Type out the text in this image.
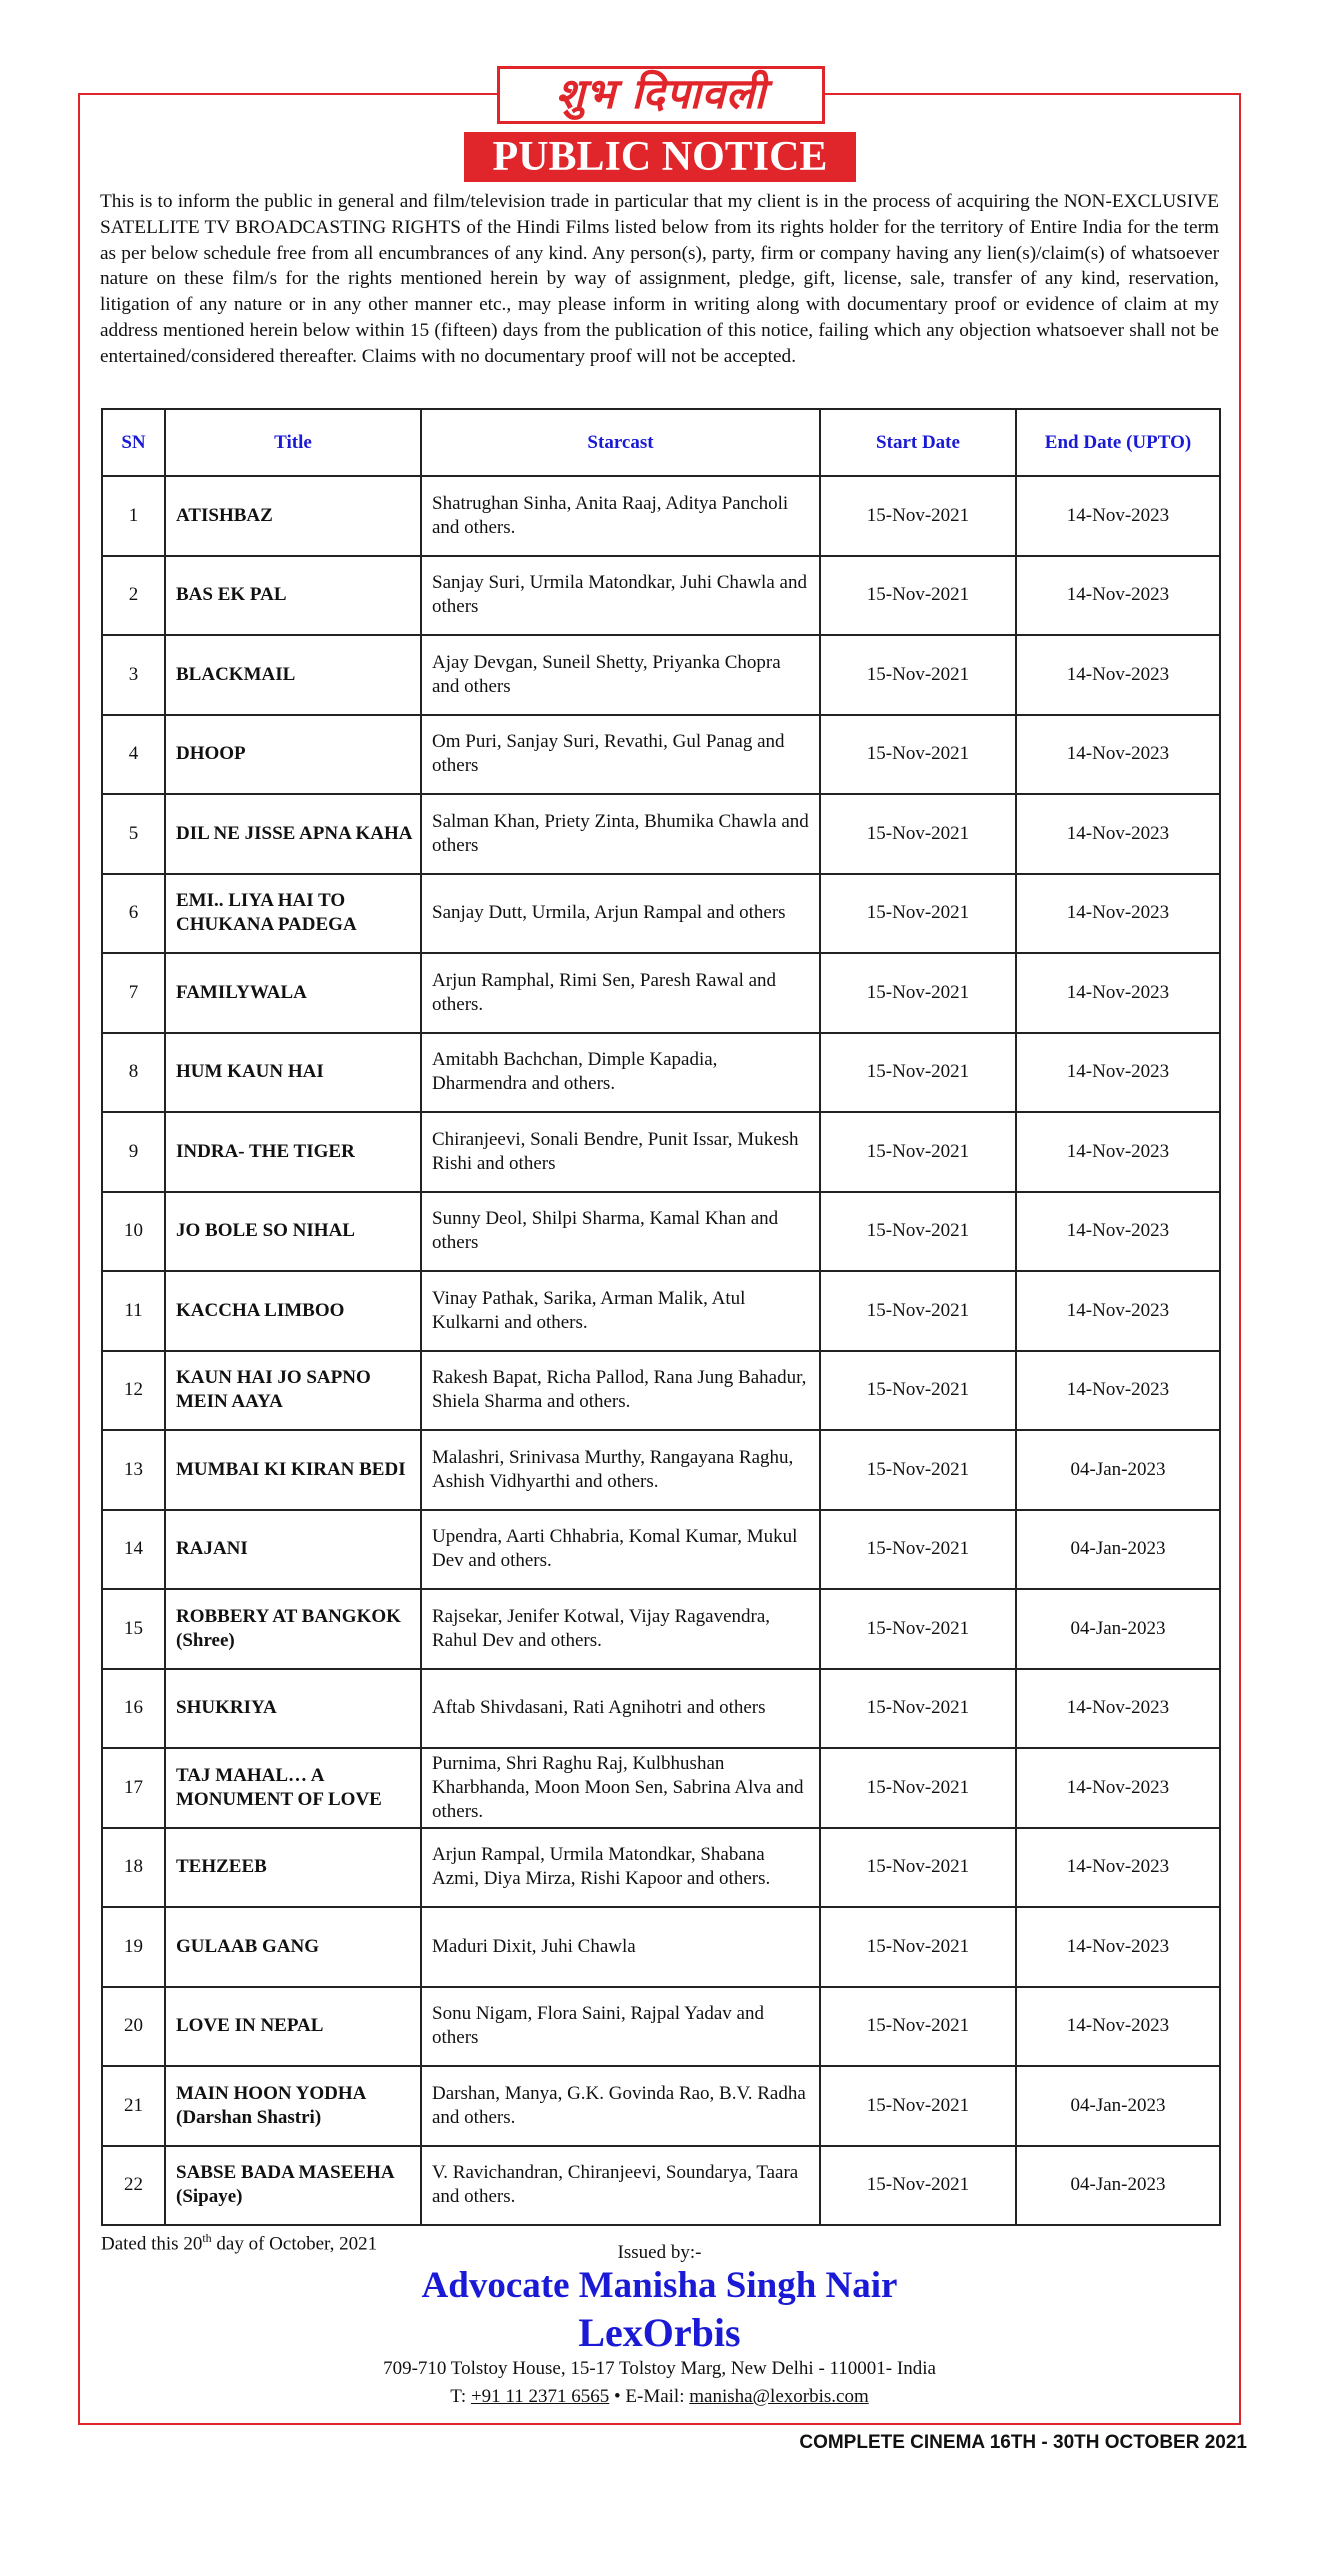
शुभ दिपावली
PUBLIC NOTICE
This is to inform the public in general and film/television trade in particular that my client is in the process of acquiring the NON-EXCLUSIVE SATELLITE TV BROADCASTING RIGHTS of the Hindi Films listed below from its rights holder for the territory of Entire India for the term as per below schedule free from all encumbrances of any kind. Any person(s), party, firm or company having any lien(s)/claim(s) of whatsoever nature on these film/s for the rights mentioned herein by way of assignment, pledge, gift, license, sale, transfer of any kind, reservation, litigation of any nature or in any other manner etc., may please inform in writing along with documentary proof or evidence of claim at my address mentioned herein below within 15 (fifteen) days from the publication of this notice, failing which any objection whatsoever shall not be entertained/considered thereafter. Claims with no documentary proof will not be accepted.
SN	Title	Starcast	Start Date	End Date (UPTO)
1	ATISHBAZ	Shatrughan Sinha, Anita Raaj, Aditya Pancholi and others.	15-Nov-2021	14-Nov-2023
2	BAS EK PAL	Sanjay Suri, Urmila Matondkar, Juhi Chawla and others	15-Nov-2021	14-Nov-2023
3	BLACKMAIL	Ajay Devgan, Suneil Shetty, Priyanka Chopra and others	15-Nov-2021	14-Nov-2023
4	DHOOP	Om Puri, Sanjay Suri, Revathi, Gul Panag and others	15-Nov-2021	14-Nov-2023
5	DIL NE JISSE APNA KAHA	Salman Khan, Priety Zinta, Bhumika Chawla and others	15-Nov-2021	14-Nov-2023
6	EMI.. LIYA HAI TO CHUKANA PADEGA	Sanjay Dutt, Urmila, Arjun Rampal and others	15-Nov-2021	14-Nov-2023
7	FAMILYWALA	Arjun Ramphal, Rimi Sen, Paresh Rawal and others.	15-Nov-2021	14-Nov-2023
8	HUM KAUN HAI	Amitabh Bachchan, Dimple Kapadia, Dharmendra and others.	15-Nov-2021	14-Nov-2023
9	INDRA- THE TIGER	Chiranjeevi, Sonali Bendre, Punit Issar, Mukesh Rishi and others	15-Nov-2021	14-Nov-2023
10	JO BOLE SO NIHAL	Sunny Deol, Shilpi Sharma, Kamal Khan and others	15-Nov-2021	14-Nov-2023
11	KACCHA LIMBOO	Vinay Pathak, Sarika, Arman Malik, Atul Kulkarni and others.	15-Nov-2021	14-Nov-2023
12	KAUN HAI JO SAPNO MEIN AAYA	Rakesh Bapat, Richa Pallod, Rana Jung Bahadur, Shiela Sharma and others.	15-Nov-2021	14-Nov-2023
13	MUMBAI KI KIRAN BEDI	Malashri, Srinivasa Murthy, Rangayana Raghu, Ashish Vidhyarthi and others.	15-Nov-2021	04-Jan-2023
14	RAJANI	Upendra, Aarti Chhabria, Komal Kumar, Mukul Dev and others.	15-Nov-2021	04-Jan-2023
15	ROBBERY AT BANGKOK (Shree)	Rajsekar, Jenifer Kotwal, Vijay Ragavendra, Rahul Dev and others.	15-Nov-2021	04-Jan-2023
16	SHUKRIYA	Aftab Shivdasani, Rati Agnihotri and others	15-Nov-2021	14-Nov-2023
17	TAJ MAHAL… A MONUMENT OF LOVE	Purnima, Shri Raghu Raj, Kulbhushan Kharbhanda, Moon Moon Sen, Sabrina Alva and others.	15-Nov-2021	14-Nov-2023
18	TEHZEEB	Arjun Rampal, Urmila Matondkar, Shabana Azmi, Diya Mirza, Rishi Kapoor and others.	15-Nov-2021	14-Nov-2023
19	GULAAB GANG	Maduri Dixit, Juhi Chawla	15-Nov-2021	14-Nov-2023
20	LOVE IN NEPAL	Sonu Nigam, Flora Saini, Rajpal Yadav and others	15-Nov-2021	14-Nov-2023
21	MAIN HOON YODHA (Darshan Shastri)	Darshan, Manya, G.K. Govinda Rao, B.V. Radha and others.	15-Nov-2021	04-Jan-2023
22	SABSE BADA MASEEHA (Sipaye)	V. Ravichandran, Chiranjeevi, Soundarya, Taara and others.	15-Nov-2021	04-Jan-2023
Dated this 20th day of October, 2021	Issued by:-
Advocate Manisha Singh Nair
LexOrbis
709-710 Tolstoy House, 15-17 Tolstoy Marg, New Delhi - 110001- India
T: +91 11 2371 6565 • E-Mail: manisha@lexorbis.com
COMPLETE CINEMA 16TH - 30TH OCTOBER 2021
